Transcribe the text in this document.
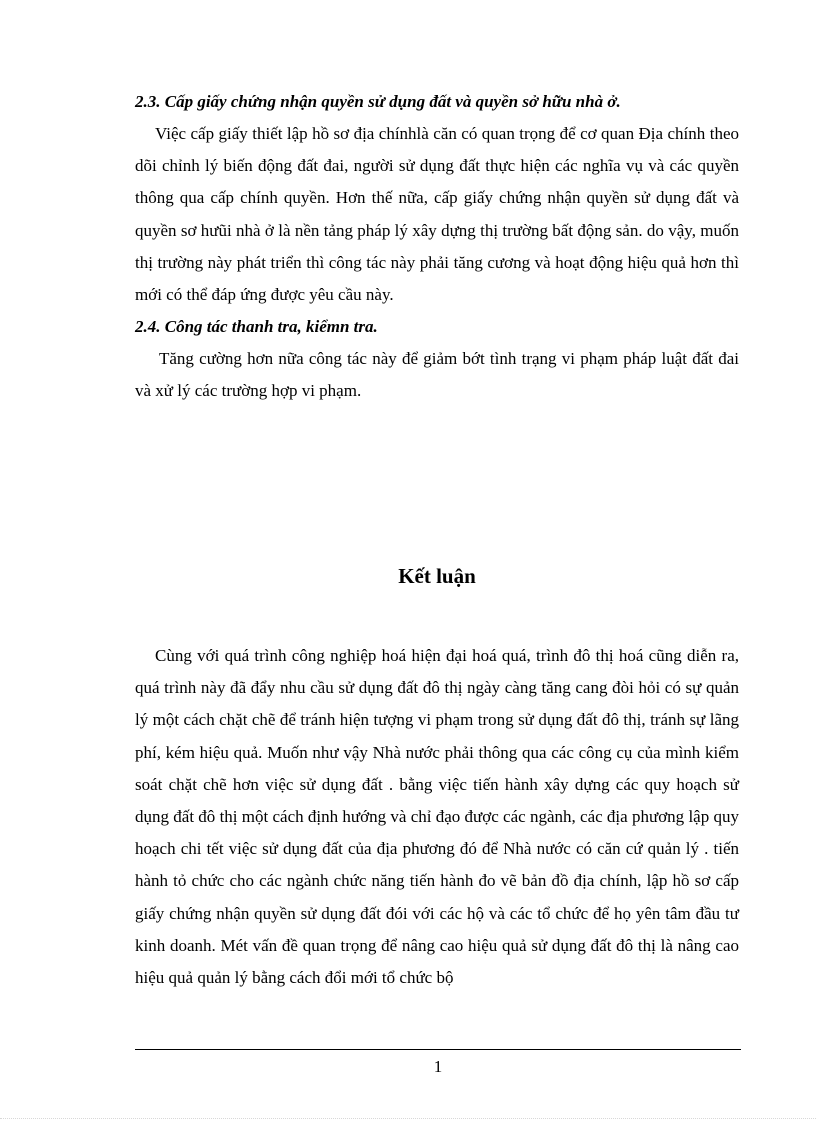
2.3. Cấp giấy chứng nhận quyền sử dụng đất và quyền sở hữu nhà ở.

Việc cấp giấy thiết lập hồ sơ địa chínhlà căn có quan trọng để cơ quan Địa chính theo dõi chỉnh lý biến động đất đai, người sử dụng đất thực hiện các nghĩa vụ và các quyền thông qua cấp chính quyền. Hơn thế nữa, cấp giấy chứng nhận quyền sử dụng đất và quyền sơ hưũi nhà ở là nền tảng pháp lý xây dựng thị trường bất động sản. do vậy, muốn thị trường này phát triển thì công tác này phải tăng cương và hoạt động hiệu quả hơn thì mới có thể đáp ứng được yêu cầu này.

2.4. Công tác thanh tra, kiểmn tra.

Tăng cường hơn nữa công tác này để giảm bớt tình trạng vi phạm pháp luật đất đai và xử lý các trường hợp vi phạm.

Kết luận

Cùng với quá trình công nghiệp hoá hiện đại hoá quá, trình đô thị hoá cũng diễn ra, quá trình này đã đẩy nhu cầu sử dụng đất đô thị ngày càng tăng cang đòi hỏi có sự quản lý một cách chặt chẽ để tránh hiện tượng vi phạm trong sử dụng đất đô thị, tránh sự lãng phí, kém hiệu quả. Muốn như vậy Nhà nước phải thông qua các công cụ của mình kiểm soát chặt chẽ hơn việc sử dụng đất . bằng việc tiến hành xây dựng các quy hoạch sử dụng đất đô thị một cách định hướng và chỉ đạo được các ngành, các địa phương lập quy hoạch chi tết việc sử dụng đất của địa phương đó để Nhà nước có căn cứ quản lý . tiến hành tỏ chức cho các ngành chức năng tiến hành đo vẽ bản đồ địa chính, lập hồ sơ cấp giấy chứng nhận quyền sử dụng đất đói với các hộ và các tổ chức để họ yên tâm đầu tư kinh doanh. Mét vấn đề quan trọng để nâng cao hiệu quả sử dụng đất đô thị là nâng cao hiệu quả quản lý bằng cách đổi mới tổ chức bộ

1
